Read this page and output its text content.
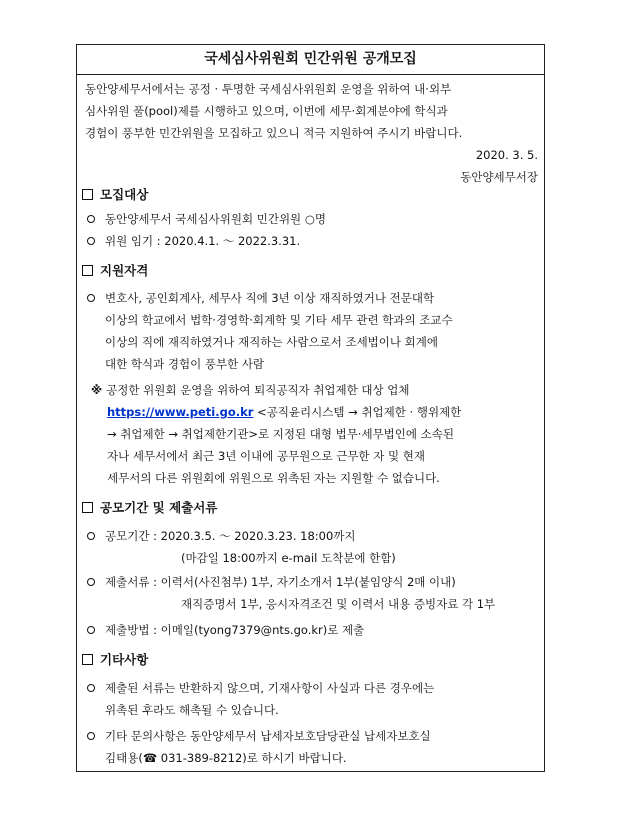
국세심사위원회 민간위원 공개모집
동안양세무서에서는 공정 · 투명한 국세심사위원회 운영을 위하여 내·외부
심사위원 풀(pool)제를 시행하고 있으며, 이번에 세무·회계분야에 학식과
경험이 풍부한 민간위원을 모집하고 있으니 적극 지원하여 주시기 바랍니다.
2020. 3. 5.
동안양세무서장
모집대상
동안양세무서 국세심사위원회 민간위원 ○명
위원 임기 : 2020.4.1. ～ 2022.3.31.
지원자격
변호사, 공인회계사, 세무사 직에 3년 이상 재직하였거나 전문대학
이상의 학교에서 법학·경영학·회계학 및 기타 세무 관련 학과의 조교수
이상의 직에 재직하였거나 재직하는 사람으로서 조세법이나 회계에
대한 학식과 경험이 풍부한 사람
※ 공정한 위원회 운영을 위하여 퇴직공직자 취업제한 대상 업체
https://www.peti.go.kr <공직윤리시스템 → 취업제한 · 행위제한
→ 취업제한 → 취업제한기관>로 지정된 대형 법무·세무법인에 소속된
자나 세무서에서 최근 3년 이내에 공무원으로 근무한 자 및 현재
세무서의 다른 위원회에 위원으로 위촉된 자는 지원할 수 없습니다.
공모기간 및 제출서류
공모기간 : 2020.3.5. ～ 2020.3.23. 18:00까지
(마감일 18:00까지 e-mail 도착분에 한함)
제출서류 : 이력서(사진첨부) 1부, 자기소개서 1부(붙임양식 2매 이내)
재직증명서 1부, 응시자격조건 및 이력서 내용 증빙자료 각 1부
제출방법 : 이메일(tyong7379@nts.go.kr)로 제출
기타사항
제출된 서류는 반환하지 않으며, 기재사항이 사실과 다른 경우에는
위촉된 후라도 해촉될 수 있습니다.
기타 문의사항은 동안양세무서 납세자보호담당관실 납세자보호실
김태용(☎ 031-389-8212)로 하시기 바랍니다.
